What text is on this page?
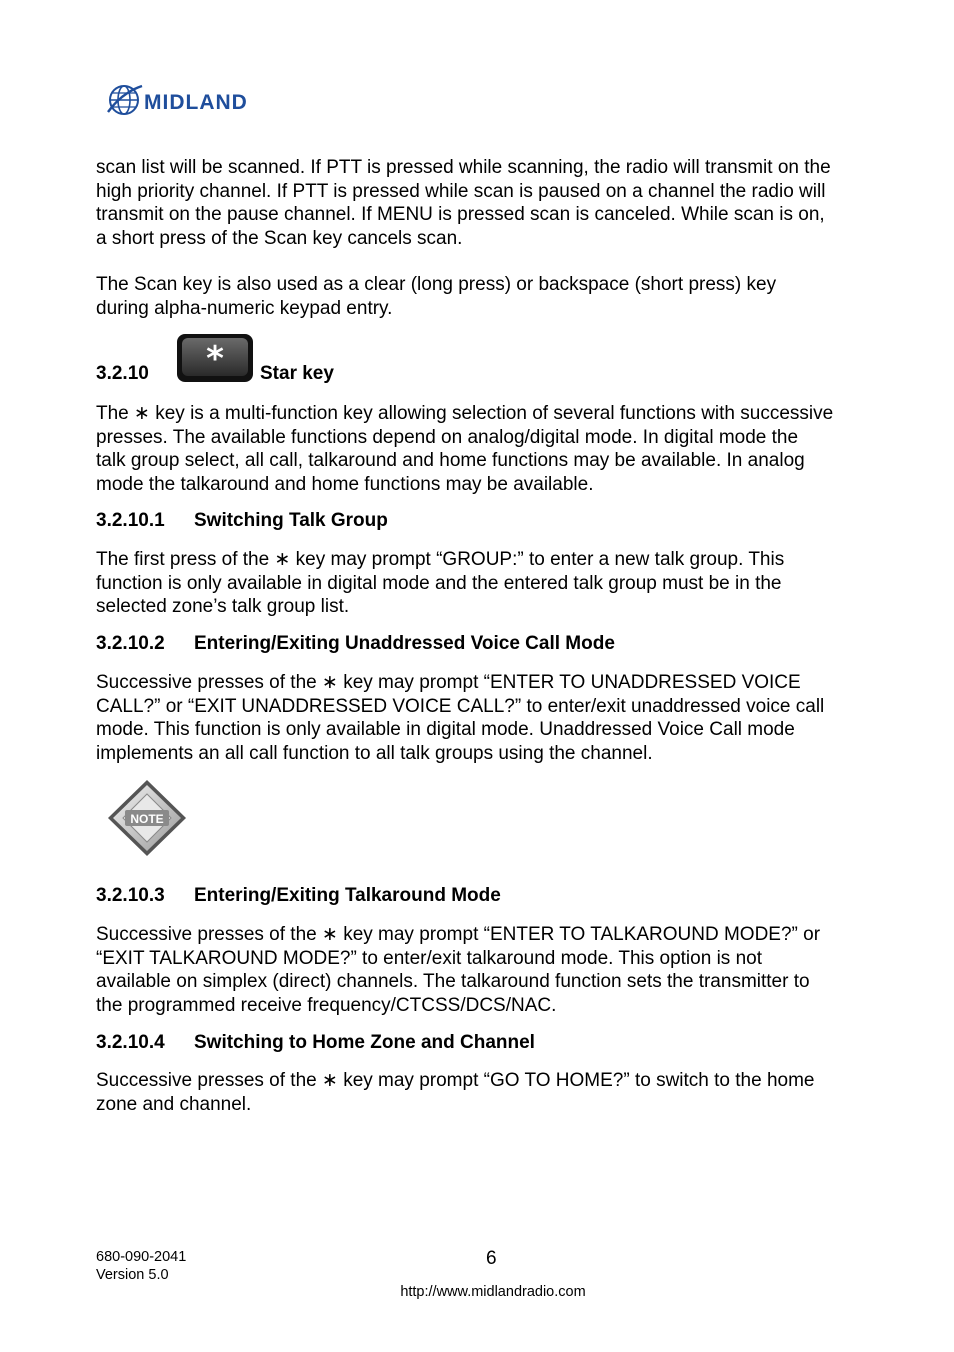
MIDLAND
scan list will be scanned. If PTT is pressed while scanning, the radio will transmit on the
high priority channel. If PTT is pressed while scan is paused on a channel the radio will
transmit on the pause channel. If MENU is pressed scan is canceled. While scan is on,
a short press of the Scan key cancels scan.
The Scan key is also used as a clear (long press) or backspace (short press) key
during alpha-numeric keypad entry.
3.2.10 * Star key
The ∗ key is a multi-function key allowing selection of several functions with successive
presses. The available functions depend on analog/digital mode. In digital mode the
talk group select, all call, talkaround and home functions may be available. In analog
mode the talkaround and home functions may be available.
3.2.10.1 Switching Talk Group
The first press of the ∗ key may prompt “GROUP:” to enter a new talk group. This
function is only available in digital mode and the entered talk group must be in the
selected zone’s talk group list.
3.2.10.2 Entering/Exiting Unaddressed Voice Call Mode
Successive presses of the ∗ key may prompt “ENTER TO UNADDRESSED VOICE
CALL?” or “EXIT UNADDRESSED VOICE CALL?” to enter/exit unaddressed voice call
mode. This function is only available in digital mode. Unaddressed Voice Call mode
implements an all call function to all talk groups using the channel.
NOTE
3.2.10.3 Entering/Exiting Talkaround Mode
Successive presses of the ∗ key may prompt “ENTER TO TALKAROUND MODE?” or
“EXIT TALKAROUND MODE?” to enter/exit talkaround mode. This option is not
available on simplex (direct) channels. The talkaround function sets the transmitter to
the programmed receive frequency/CTCSS/DCS/NAC.
3.2.10.4 Switching to Home Zone and Channel
Successive presses of the ∗ key may prompt “GO TO HOME?” to switch to the home
zone and channel.
680-090-2041
Version 5.0
6
http://www.midlandradio.com
